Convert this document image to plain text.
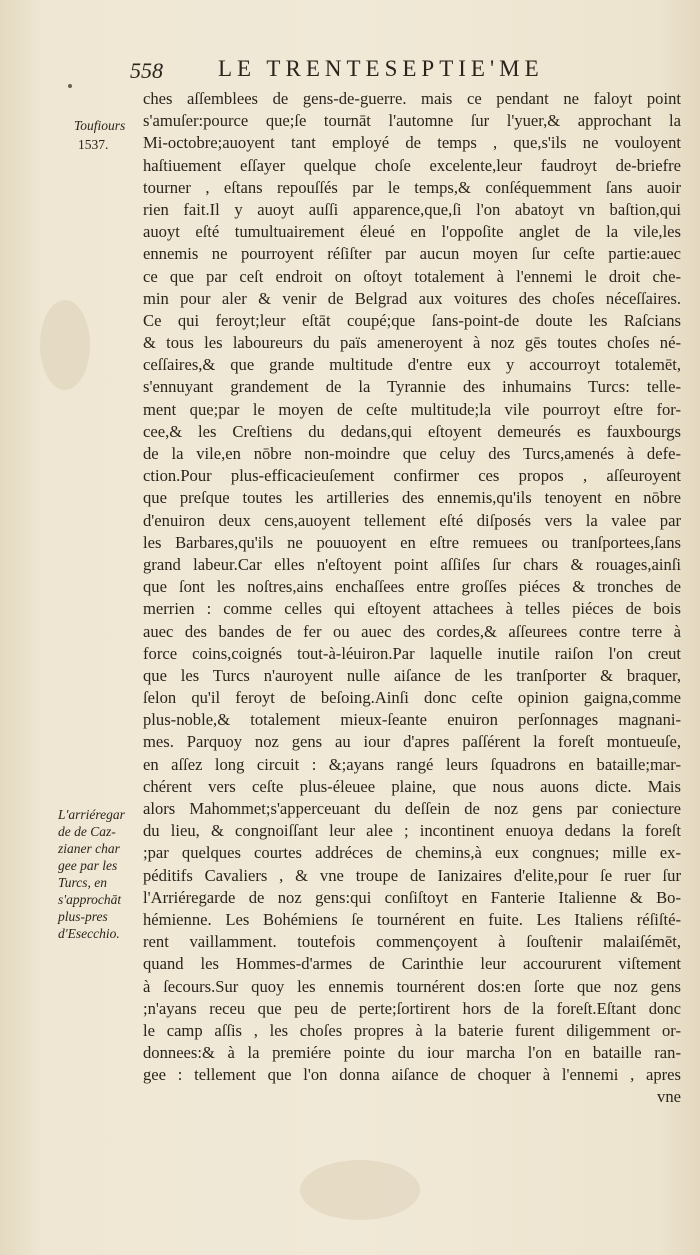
558 LE TRENTESEPTIE'ME
Toufiours
1537.
L'arriéregar
de de Caz-
zianer char
gee par les
Turcs, en
s'approchāt
plus-pres
d'Esecchio.
ches aſſemblees de gens-de-guerre. mais ce pendant ne faloyt point
s'amuſer:pource que;ſe tournāt l'automne ſur l'yuer,& approchant la
Mi-octobre;auoyent tant employé de temps , que,s'ils ne vouloyent
haſtiuement eſſayer quelque choſe excelente,leur faudroyt de-briefre
tourner , eſtans repouſſés par le temps,& conſéquemment ſans auoir
rien fait.Il y auoyt auſſi apparence,que,ſi l'on abatoyt vn baſtion,qui
auoyt eſté tumultuairement éleué en l'oppoſite anglet de la vile,les
ennemis ne pourroyent réſiſter par aucun moyen ſur ceſte partie:auec
ce que par ceſt endroit on oſtoyt totalement à l'ennemi le droit che-
min pour aler & venir de Belgrad aux voitures des choſes néceſſaires.
Ce qui feroyt;leur eſtāt coupé;que ſans-point-de doute les Raſcians
& tous les laboureurs du païs ameneroyent à noz gēs toutes choſes né-
ceſſaires,& que grande multitude d'entre eux y accourroyt totalemēt,
s'ennuyant grandement de la Tyrannie des inhumains Turcs: telle-
ment que;par le moyen de ceſte multitude;la vile pourroyt eſtre for-
cee,& les Creſtiens du dedans,qui eſtoyent demeurés es fauxbourgs
de la vile,en nōbre non-moindre que celuy des Turcs,amenés à defe-
ction.Pour plus-efficacieuſement confirmer ces propos , aſſeuroyent
que preſque toutes les artilleries des ennemis,qu'ils tenoyent en nōbre
d'enuiron deux cens,auoyent tellement eſté diſposés vers la valee par
les Barbares,qu'ils ne pouuoyent en eſtre remuees ou tranſportees,ſans
grand labeur.Car elles n'eſtoyent point aſſiſes ſur chars & rouages,ainſi
que ſont les noſtres,ains enchaſſees entre groſſes piéces & tronches de
merrien : comme celles qui eſtoyent attachees à telles piéces de bois
auec des bandes de fer ou auec des cordes,& aſſeurees contre terre à
force coins,coignés tout-à-léuiron.Par laquelle inutile raiſon l'on creut
que les Turcs n'auroyent nulle aiſance de les tranſporter & braquer,
ſelon qu'il feroyt de beſoing.Ainſi donc ceſte opinion gaigna,comme
plus-noble,& totalement mieux-ſeante enuiron perſonnages magnani-
mes. Parquoy noz gens au iour d'apres paſſérent la foreſt montueuſe,
en aſſez long circuit : &;ayans rangé leurs ſquadrons en bataille;mar-
chérent vers ceſte plus-éleuee plaine, que nous auons dicte. Mais
alors Mahommet;s'apperceuant du deſſein de noz gens par coniecture
du lieu, & congnoiſſant leur alee ; incontinent enuoya dedans la foreſt
;par quelques courtes addréces de chemins,à eux congnues; mille ex-
péditifs Cavaliers , & vne troupe de Ianizaires d'elite,pour ſe ruer ſur
l'Arriéregarde de noz gens:qui conſiſtoyt en Fanterie Italienne & Bo-
hémienne. Les Bohémiens ſe tournérent en fuite. Les Italiens réſiſté-
rent vaillamment. toutefois commençoyent à ſouſtenir malaiſémēt,
quand les Hommes-d'armes de Carinthie leur accoururent viſtement
à ſecours.Sur quoy les ennemis tournérent dos:en ſorte que noz gens
;n'ayans receu que peu de perte;ſortirent hors de la foreſt.Eſtant donc
le camp aſſis , les choſes propres à la baterie furent diligemment or-
donnees:& à la premiére pointe du iour marcha l'on en bataille ran-
gee : tellement que l'on donna aiſance de choquer à l'ennemi , apres
vne
